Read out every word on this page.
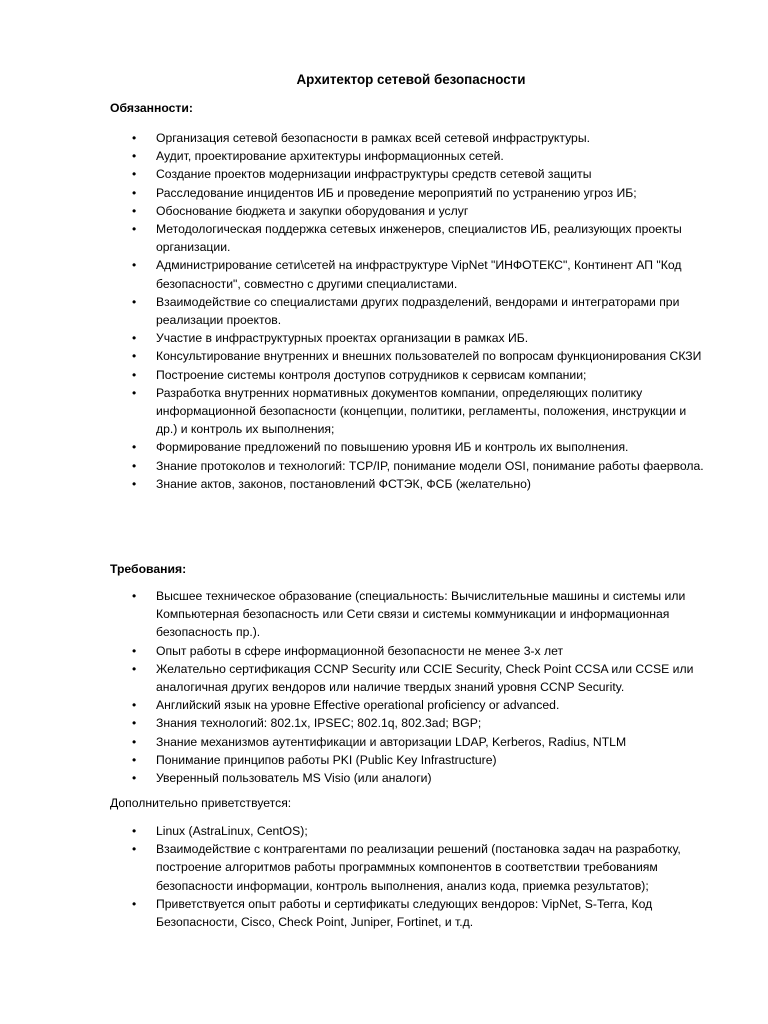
Архитектор сетевой безопасности
Обязанности:
• Организация сетевой безопасности в рамках всей сетевой инфраструктуры.
• Аудит, проектирование архитектуры информационных сетей.
• Создание проектов модернизации инфраструктуры средств сетевой защиты
• Расследование инцидентов ИБ и проведение мероприятий по устранению угроз ИБ;
• Обоснование бюджета и закупки оборудования и услуг
• Методологическая поддержка сетевых инженеров, специалистов ИБ, реализующих проекты организации.
• Администрирование сети\сетей на инфраструктуре VipNet "ИНФОТЕКС", Континент АП "Код безопасности", совместно с другими специалистами.
• Взаимодействие со специалистами других подразделений, вендорами и интеграторами при реализации проектов.
• Участие в инфраструктурных проектах организации в рамках ИБ.
• Консультирование внутренних и внешних пользователей по вопросам функционирования СКЗИ
• Построение системы контроля доступов сотрудников к сервисам компании;
• Разработка внутренних нормативных документов компании, определяющих политику информационной безопасности (концепции, политики, регламенты, положения, инструкции и др.) и контроль их выполнения;
• Формирование предложений по повышению уровня ИБ и контроль их выполнения.
• Знание протоколов и технологий: TCP/IP, понимание модели OSI, понимание работы фаервола.
• Знание актов, законов, постановлений ФСТЭК, ФСБ (желательно)
Требования:
• Высшее техническое образование (специальность: Вычислительные машины и системы или Компьютерная безопасность или Сети связи и системы коммуникации и информационная безопасность пр.).
• Опыт работы в сфере информационной безопасности не менее 3-х лет
• Желательно сертификация CCNP Security или CCIE Security, Check Point CCSA или CCSE или аналогичная других вендоров или наличие твердых знаний уровня CCNP Security.
• Английский язык на уровне Effective operational proficiency or advanced.
• Знания технологий: 802.1x, IPSEC; 802.1q, 802.3ad; BGP;
• Знание механизмов аутентификации и авторизации LDAP, Kerberos, Radius, NTLM
• Понимание принципов работы PKI (Public Key Infrastructure)
• Уверенный пользователь MS Visio (или аналоги)
Дополнительно приветствуется:
• Linux (AstraLinux, CentOS);
• Взаимодействие с контрагентами по реализации решений (постановка задач на разработку, построение алгоритмов работы программных компонентов в соответствии требованиям безопасности информации, контроль выполнения, анализ кода, приемка результатов);
• Приветствуется опыт работы и сертификаты следующих вендоров: VipNet, S-Terra, Код Безопасности, Cisco, Check Point, Juniper, Fortinet, и т.д.
